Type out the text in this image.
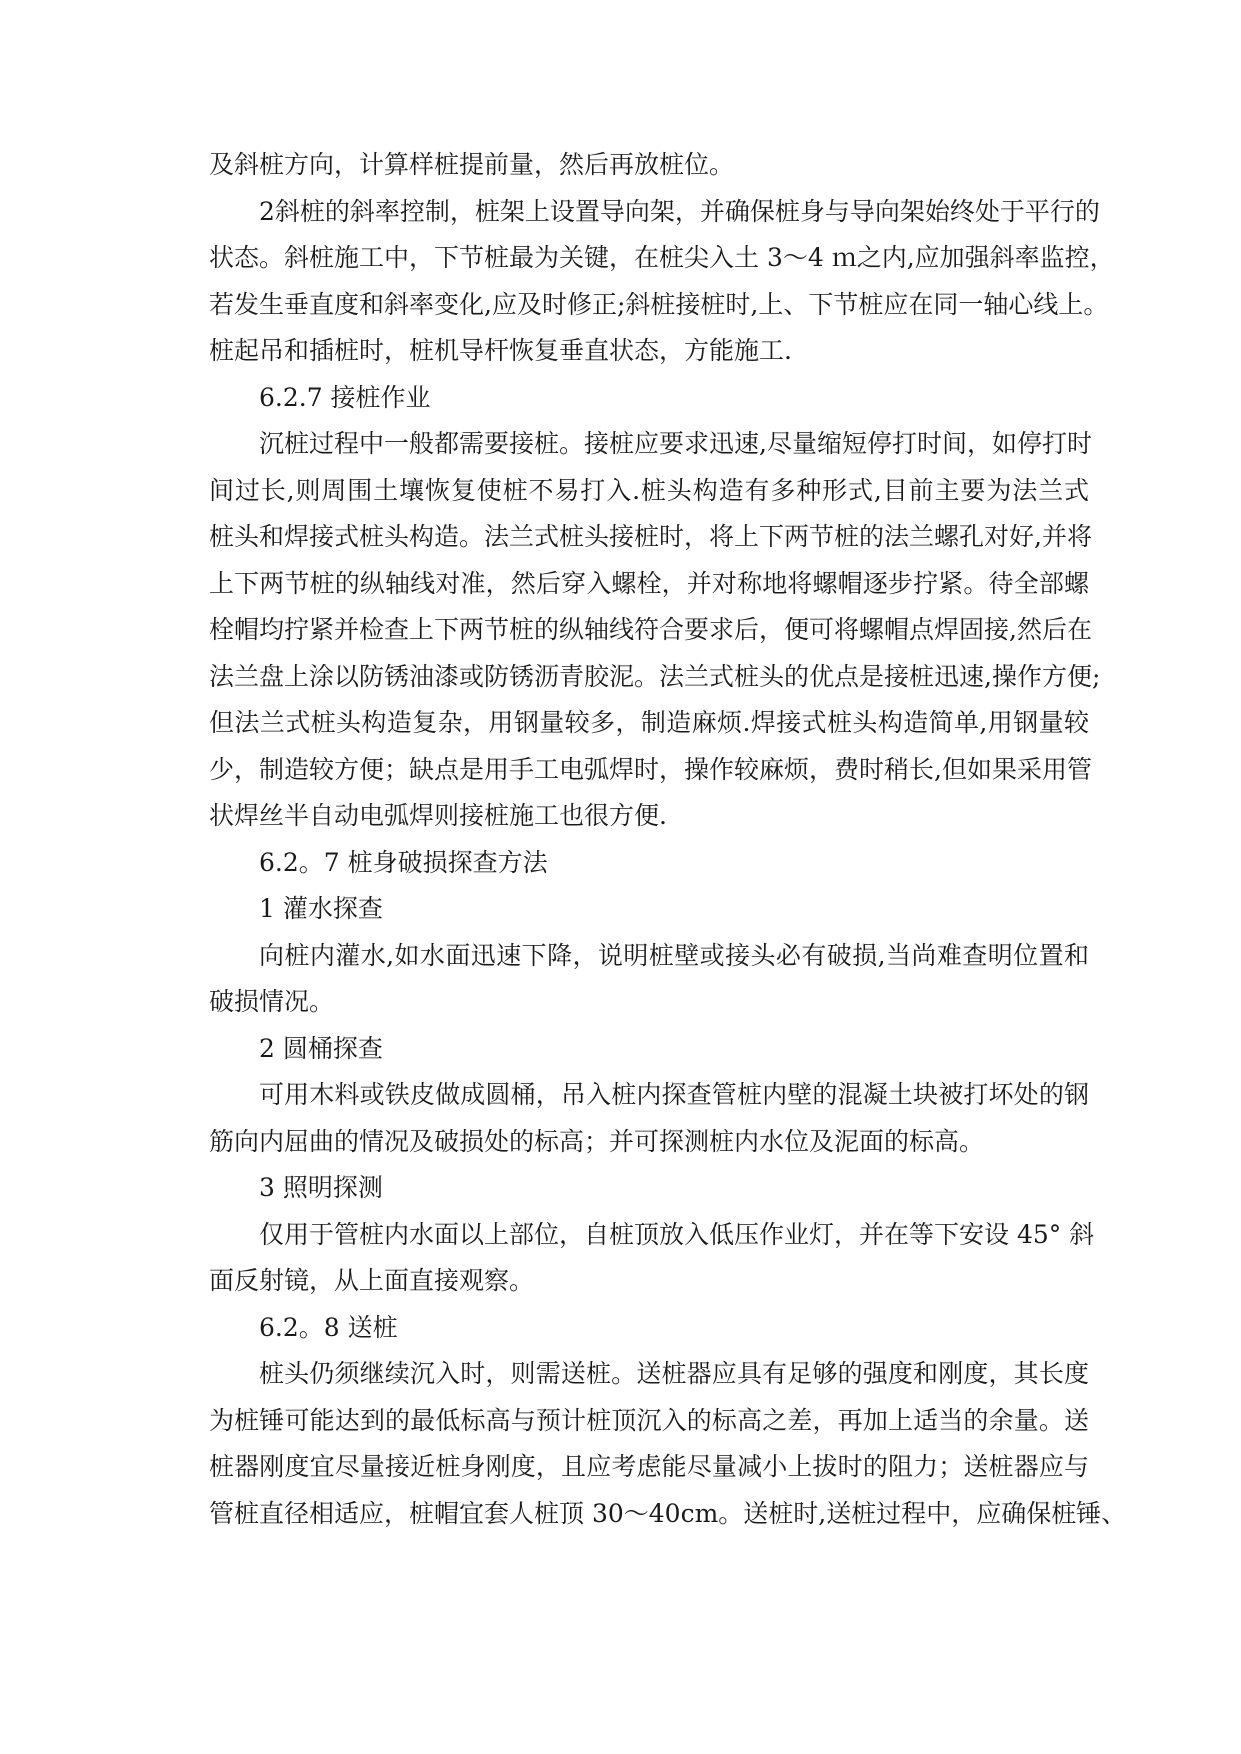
及斜桩方向，计算样桩提前量，然后再放桩位。
2斜桩的斜率控制，桩架上设置导向架，并确保桩身与导向架始终处于平行的
状态。斜桩施工中，下节桩最为关键，在桩尖入土 3～4 ｍ之内,应加强斜率监控，
若发生垂直度和斜率变化,应及时修正;斜桩接桩时,上、下节桩应在同一轴心线上。
桩起吊和插桩时，桩机导杆恢复垂直状态，方能施工.
6.2.7 接桩作业
沉桩过程中一般都需要接桩。接桩应要求迅速,尽量缩短停打时间，如停打时
间过长,则周围土壤恢复使桩不易打入.桩头构造有多种形式,目前主要为法兰式
桩头和焊接式桩头构造。法兰式桩头接桩时，将上下两节桩的法兰螺孔对好,并将
上下两节桩的纵轴线对准，然后穿入螺栓，并对称地将螺帽逐步拧紧。待全部螺
栓帽均拧紧并检查上下两节桩的纵轴线符合要求后，便可将螺帽点焊固接,然后在
法兰盘上涂以防锈油漆或防锈沥青胶泥。法兰式桩头的优点是接桩迅速,操作方便;
但法兰式桩头构造复杂，用钢量较多，制造麻烦.焊接式桩头构造简单,用钢量较
少，制造较方便；缺点是用手工电弧焊时，操作较麻烦，费时稍长,但如果采用管
状焊丝半自动电弧焊则接桩施工也很方便.
6.2。7 桩身破损探查方法
1 灌水探查
向桩内灌水,如水面迅速下降，说明桩壁或接头必有破损,当尚难查明位置和
破损情况。
2 圆桶探查
可用木料或铁皮做成圆桶，吊入桩内探查管桩内壁的混凝土块被打坏处的钢
筋向内屈曲的情况及破损处的标高；并可探测桩内水位及泥面的标高。
3 照明探测
仅用于管桩内水面以上部位，自桩顶放入低压作业灯，并在等下安设 45° 斜
面反射镜，从上面直接观察。
6.2。8 送桩
桩头仍须继续沉入时，则需送桩。送桩器应具有足够的强度和刚度，其长度
为桩锤可能达到的最低标高与预计桩顶沉入的标高之差，再加上适当的余量。送
桩器刚度宜尽量接近桩身刚度，且应考虑能尽量减小上拔时的阻力；送桩器应与
管桩直径相适应，桩帽宜套人桩顶 30～40cm。送桩时,送桩过程中，应确保桩锤、
